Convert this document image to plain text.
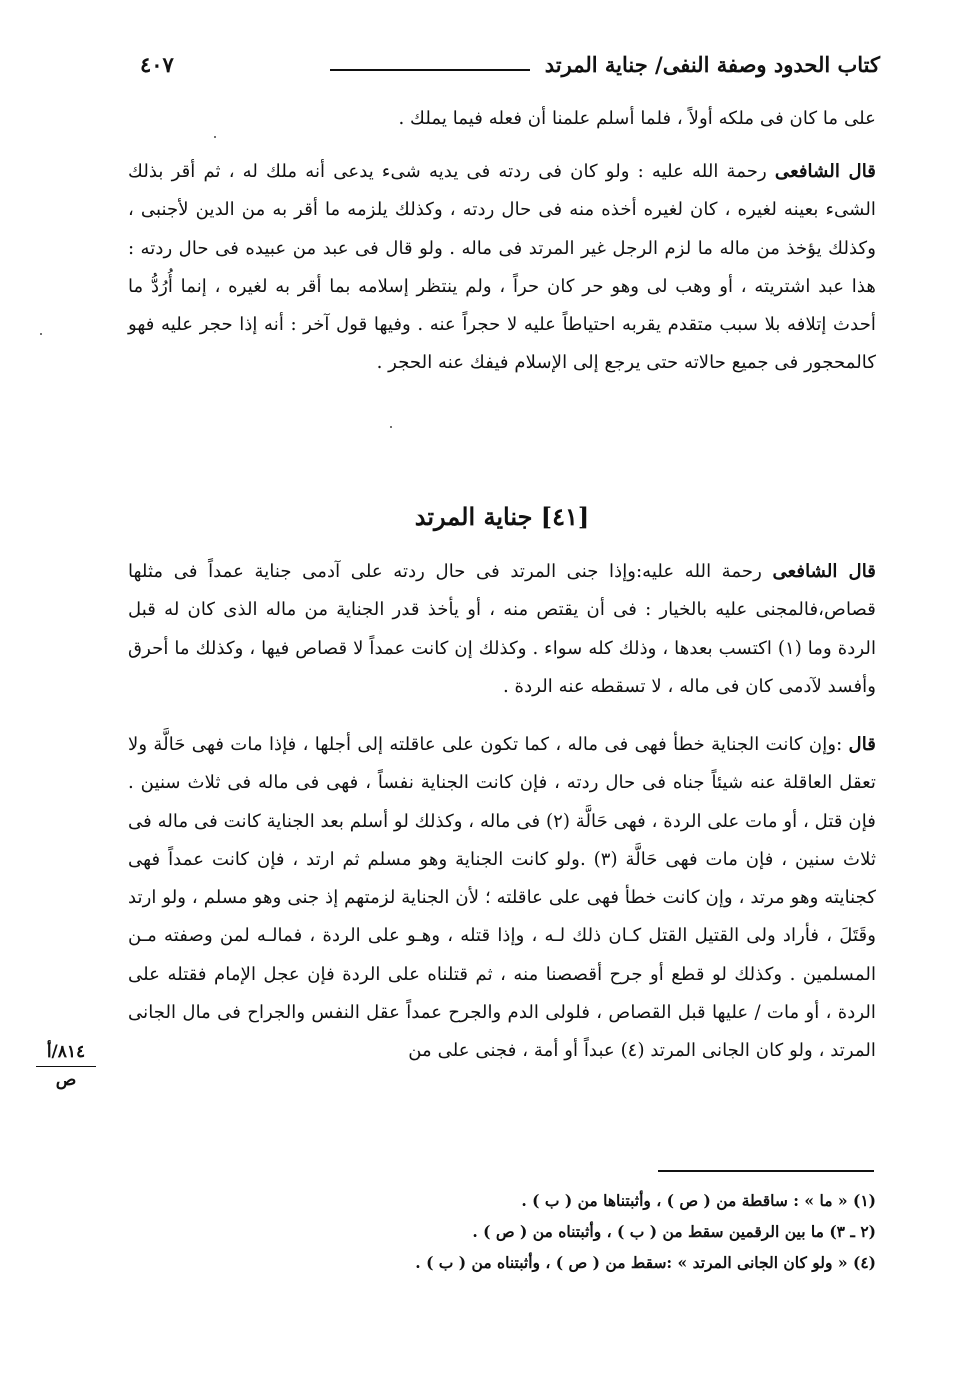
كتاب الحدود وصفة النفى/ جناية المرتد
٤٠٧
على ما كان فى ملكه أولاً ، فلما أسلم علمنا أن فعله فيما يملك .
قال الشافعى رحمة الله عليه : ولو كان فى ردته فى يديه شىء يدعى أنه ملك له ، ثم أقر بذلك الشىء بعينه لغيره ، كان لغيره أخذه منه فى حال ردته ، وكذلك يلزمه ما أقر به من الدين لأجنبى ، وكذلك يؤخذ من ماله ما لزم الرجل غير المرتد فى ماله . ولو قال فى عبد من عبيده فى حال ردته : هذا عبد اشتريته ، أو وهب لى وهو حر كان حراً ، ولم ينتظر إسلامه بما أقر به لغيره ، إنما أُرُدُّ ما أحدث إتلافه بلا سبب متقدم يقربه احتياطاً عليه لا حجراً عنه . وفيها قول آخر : أنه إذا حجر عليه فهو كالمحجور فى جميع حالاته حتى يرجع إلى الإسلام فيفك عنه الحجر .
[٤١] جناية المرتد
قال الشافعى رحمة الله عليه:وإذا جنى المرتد فى حال ردته على آدمى جناية عمداً فى مثلها قصاص،فالمجنى عليه بالخيار : فى أن يقتص منه ، أو يأخذ قدر الجناية من ماله الذى كان له قبل الردة وما (١) اكتسب بعدها ، وذلك كله سواء . وكذلك إن كانت عمداً لا قصاص فيها ، وكذلك ما أحرق وأفسد لآدمى كان فى ماله ، لا تسقطه عنه الردة .
قال :وإن كانت الجناية خطأ فهى فى ماله ، كما تكون على عاقلته إلى أجلها ، فإذا مات فهى حَالَّة ولا تعقل العاقلة عنه شيئاً جناه فى حال ردته ، فإن كانت الجناية نفساً ، فهى فى ماله فى ثلاث سنين . فإن قتل ، أو مات على الردة ، فهى حَالَّة (٢) فى ماله ، وكذلك لو أسلم بعد الجناية كانت فى ماله فى ثلاث سنين ، فإن مات فهى حَالَّة (٣) .ولو كانت الجناية وهو مسلم ثم ارتد ، فإن كانت عمداً فهى كجنايته وهو مرتد ، وإن كانت خطأ فهى على عاقلته ؛ لأن الجناية لزمتهم إذ جنى وهو مسلم ، ولو ارتد وقَتَلَ ، فأراد ولى القتيل القتل كـان ذلك لـه ، وإذا قتله ، وهـو على الردة ، فمالـه لمن وصفته مـن المسلمين . وكذلك لو قطع أو جرح أقصصنا منه ، ثم قتلناه على الردة فإن عجل الإمام فقتله على الردة ، أو مات / عليها قبل القصاص ، فلولى الدم والجرح عمداً عقل النفس والجراح فى مال الجانى المرتد ، ولو كان الجانى المرتد (٤) عبداً أو أمة ، فجنى على من
٨١٤/أ
ص
(١) « ما » : ساقطة من ( ص ) ، وأثبتناها من ( ب ) .
(٢ ـ ٣) ما بين الرقمين سقط من ( ب ) ، وأثبتناه من ( ص ) .
(٤) « ولو كان الجانى المرتد » :سقط من ( ص ) ، وأثبتناه من ( ب ) .
